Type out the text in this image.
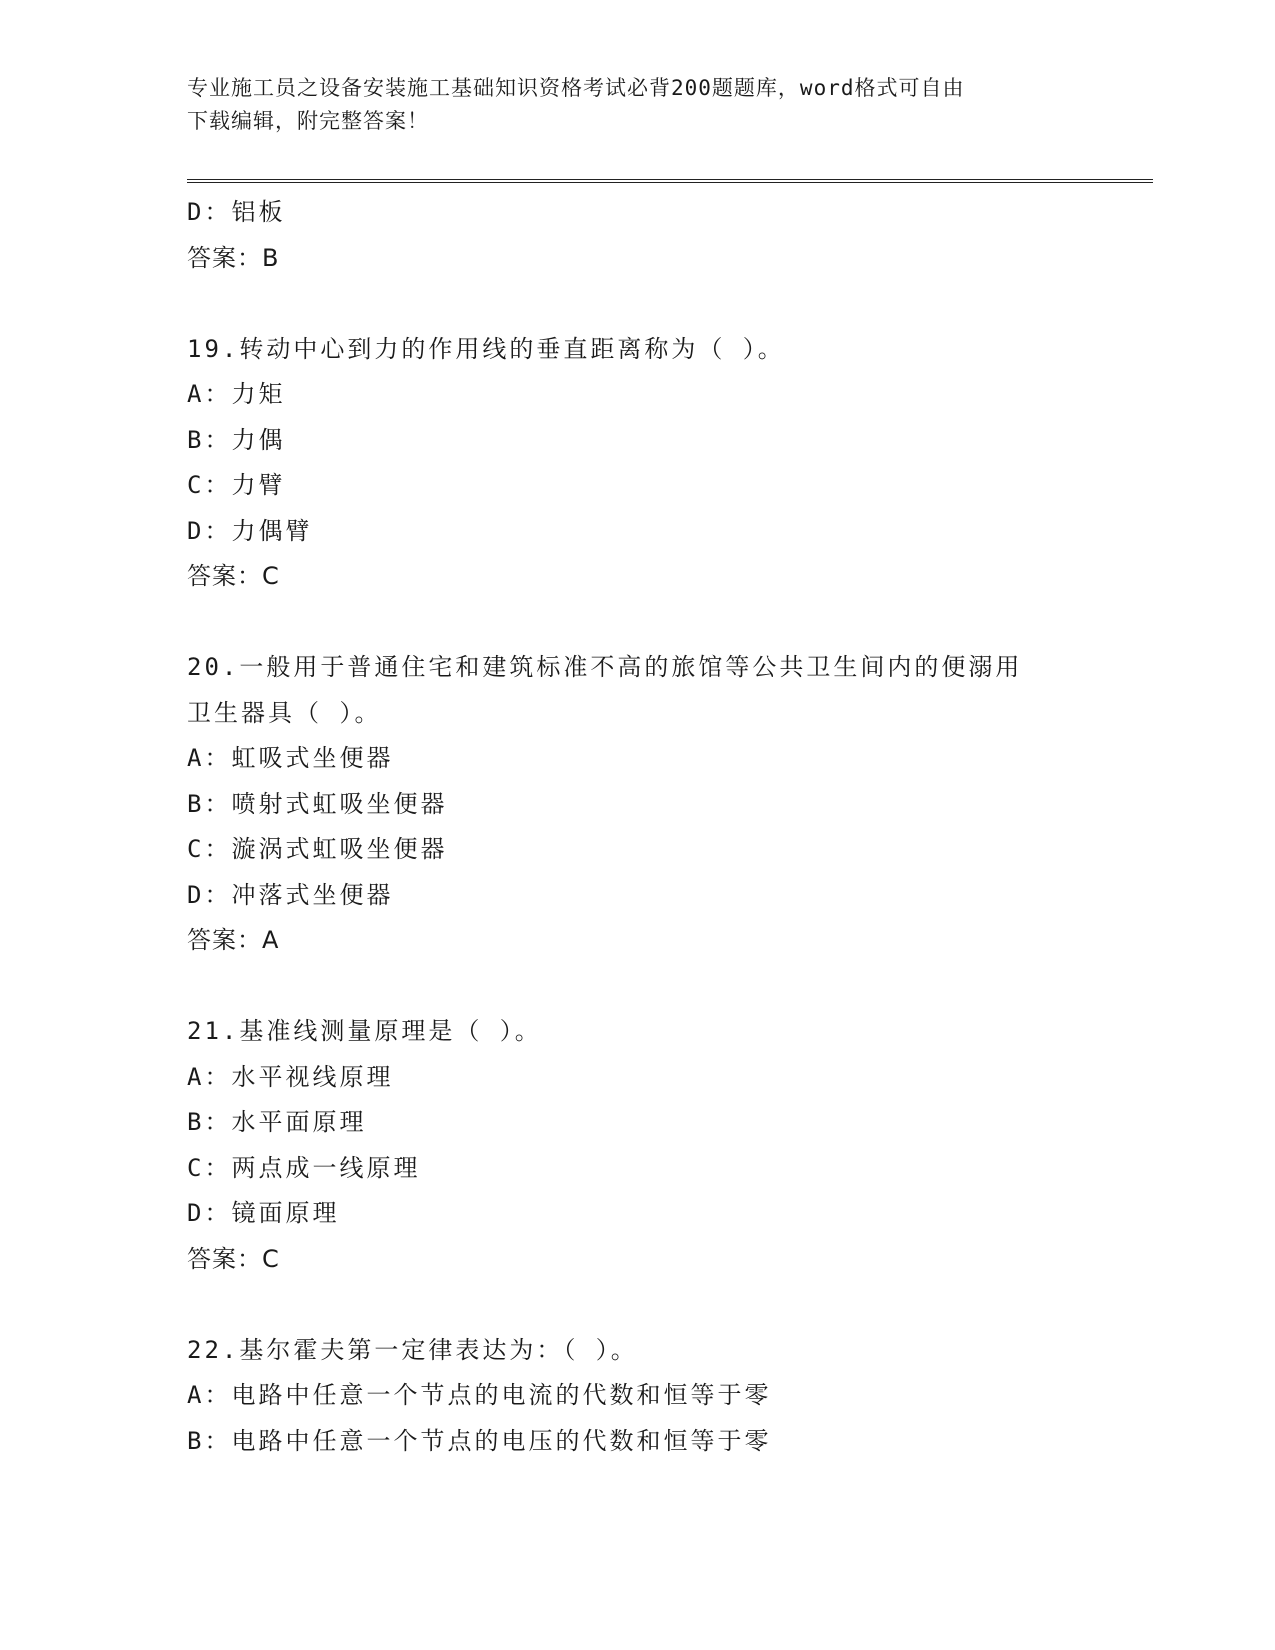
专业施工员之设备安装施工基础知识资格考试必背200题题库，word格式可自由
下载编辑，附完整答案！
D：铝板
答案：B
19.转动中心到力的作用线的垂直距离称为（ ）。
A：力矩
B：力偶
C：力臂
D：力偶臂
答案：C
20.一般用于普通住宅和建筑标准不高的旅馆等公共卫生间内的便溺用
卫生器具（ ）。
A：虹吸式坐便器
B：喷射式虹吸坐便器
C：漩涡式虹吸坐便器
D：冲落式坐便器
答案：A
21.基准线测量原理是（ ）。
A：水平视线原理
B：水平面原理
C：两点成一线原理
D：镜面原理
答案：C
22.基尔霍夫第一定律表达为：（ ）。
A：电路中任意一个节点的电流的代数和恒等于零
B：电路中任意一个节点的电压的代数和恒等于零
